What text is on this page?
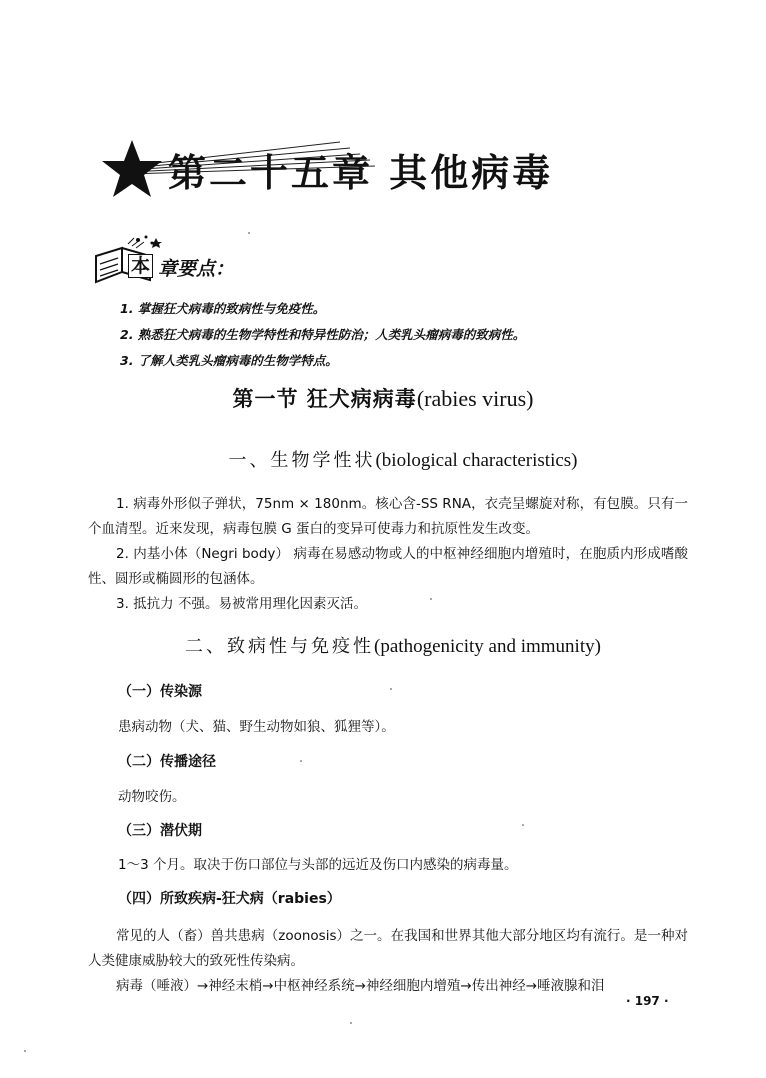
第二十五章 其他病毒
本 章要点：
1. 掌握狂犬病毒的致病性与免疫性。
2. 熟悉狂犬病毒的生物学特性和特异性防治；人类乳头瘤病毒的致病性。
3. 了解人类乳头瘤病毒的生物学特点。
第一节 狂犬病病毒(rabies virus)
一、生物学性状(biological characteristics)

1. 病毒外形似子弹状，75nm × 180nm。核心含-SS RNA，衣壳呈螺旋对称，有包膜。只有一个血清型。近来发现，病毒包膜 G 蛋白的变异可使毒力和抗原性发生改变。

2. 内基小体（Negri body） 病毒在易感动物或人的中枢神经细胞内增殖时，在胞质内形成嗜酸性、圆形或椭圆形的包涵体。

3. 抵抗力 不强。易被常用理化因素灭活。

二、致病性与免疫性(pathogenicity and immunity)
（一）传染源
患病动物（犬、猫、野生动物如狼、狐狸等）。
（二）传播途径
动物咬伤。
（三）潜伏期
1～3 个月。取决于伤口部位与头部的远近及伤口内感染的病毒量。
（四）所致疾病-狂犬病（rabies）

常见的人（畜）兽共患病（zoonosis）之一。在我国和世界其他大部分地区均有流行。是一种对人类健康威胁较大的致死性传染病。

病毒（唾液）→神经末梢→中枢神经系统→神经细胞内增殖→传出神经→唾液腺和泪

· 197 ·
